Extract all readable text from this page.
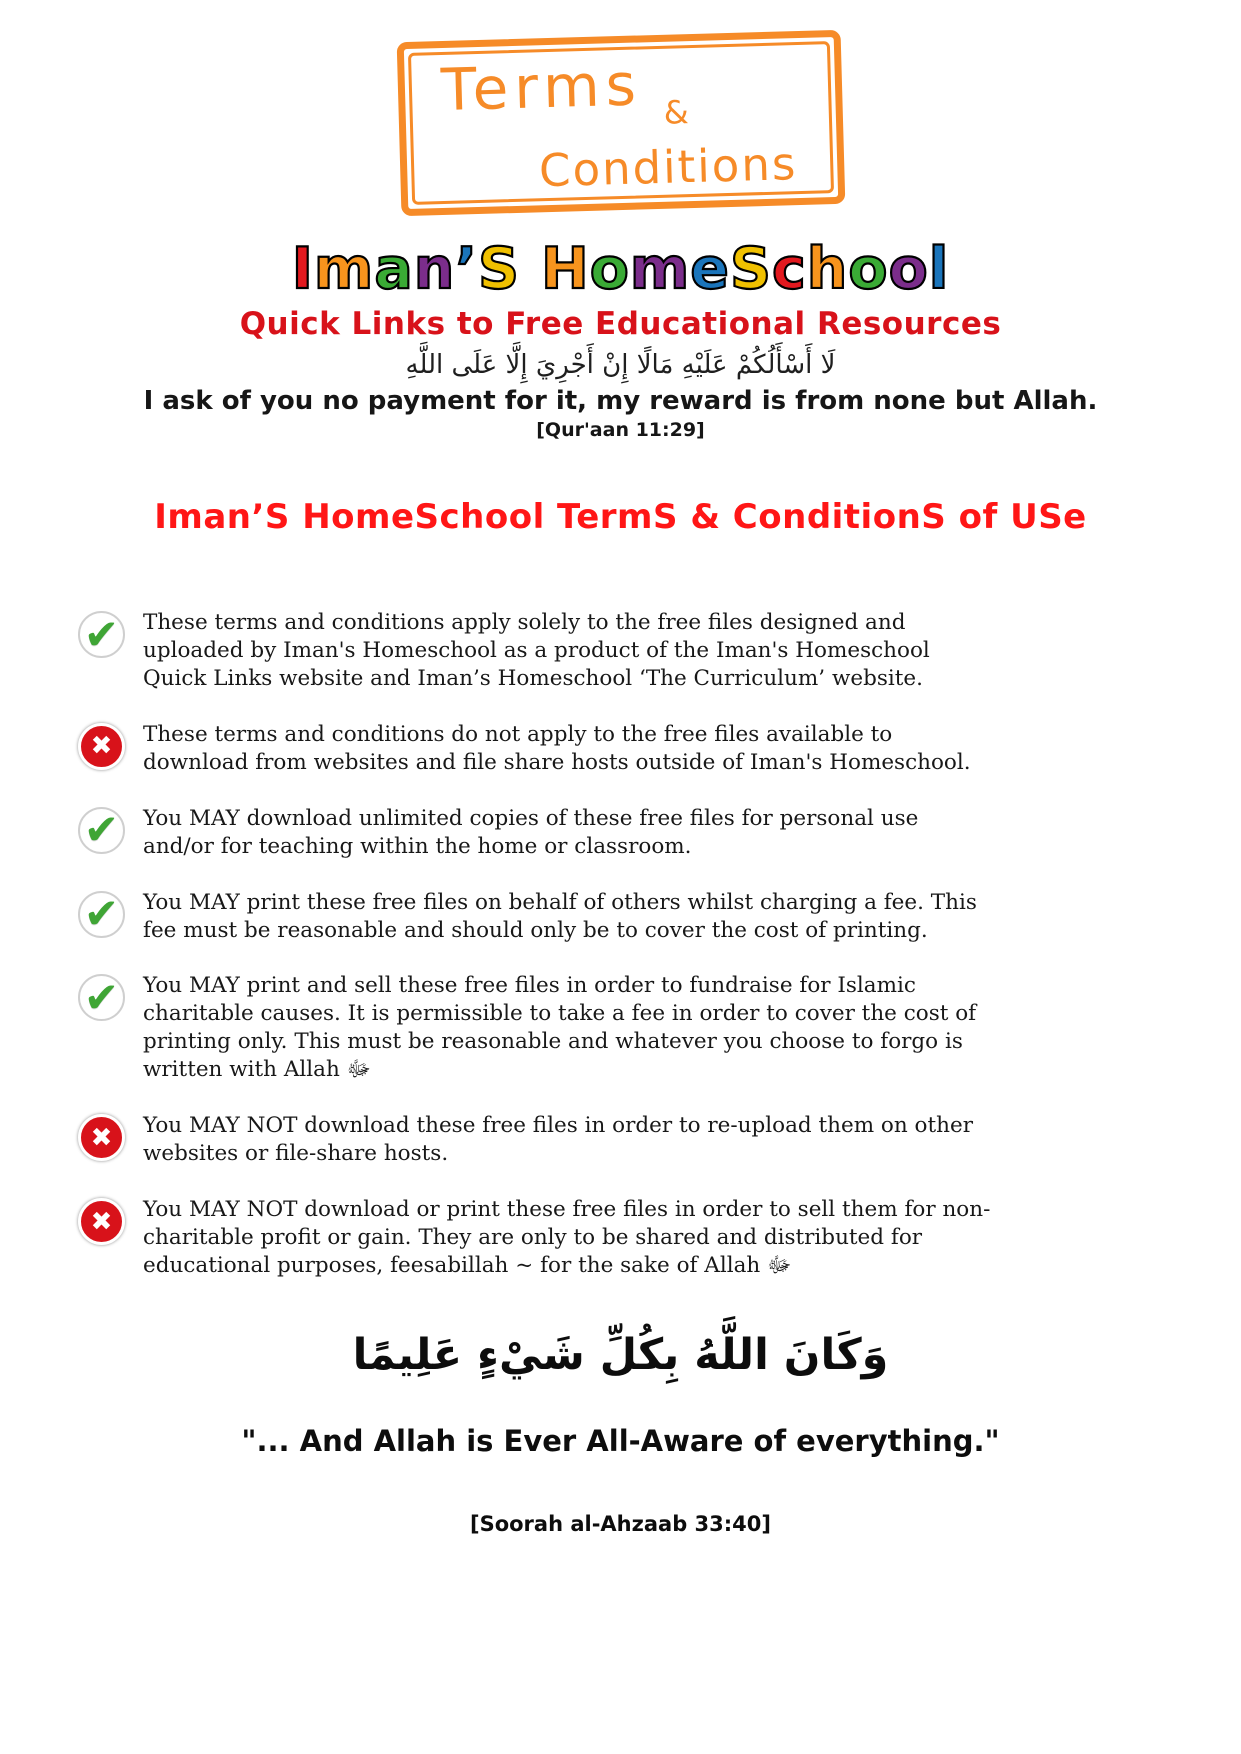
Terms &
Conditions
Iman’S HomeSchool
Quick Links to Free Educational Resources
لَا أَسْأَلُكُمْ عَلَيْهِ مَالًا إِنْ أَجْرِيَ إِلَّا عَلَى اللَّهِ
I ask of you no payment for it, my reward is from none but Allah.
[Qur'aan 11:29]
Iman’S HomeSchool TermS & ConditionS of USe
✔ These terms and conditions apply solely to the free files designed and uploaded by Iman's Homeschool as a product of the Iman's Homeschool Quick Links website and Iman’s Homeschool ‘The Curriculum’ website.

✖	These terms and conditions do not apply to the free files available to download from websites and file share hosts outside of Iman's Homeschool.

✔ You MAY download unlimited copies of these free files for personal use and/or for teaching within the home or classroom.

✔ You MAY print these free files on behalf of others whilst charging a fee. This fee must be reasonable and should only be to cover the cost of printing.

✔ You MAY print and sell these free files in order to fundraise for Islamic charitable causes. It is permissible to take a fee in order to cover the cost of printing only. This must be reasonable and whatever you choose to forgo is written with Allah ﷻ

✖	You MAY NOT download these free files in order to re-upload them on other websites or file-share hosts.

✖	You MAY NOT download or print these free files in order to sell them for non-charitable profit or gain. They are only to be shared and distributed for educational purposes, feesabillah ~ for the sake of Allah ﷻ

وَكَانَ اللَّهُ بِكُلِّ شَيْءٍ عَلِيمًا
"... And Allah is Ever All-Aware of everything."
[Soorah al-Ahzaab 33:40]
